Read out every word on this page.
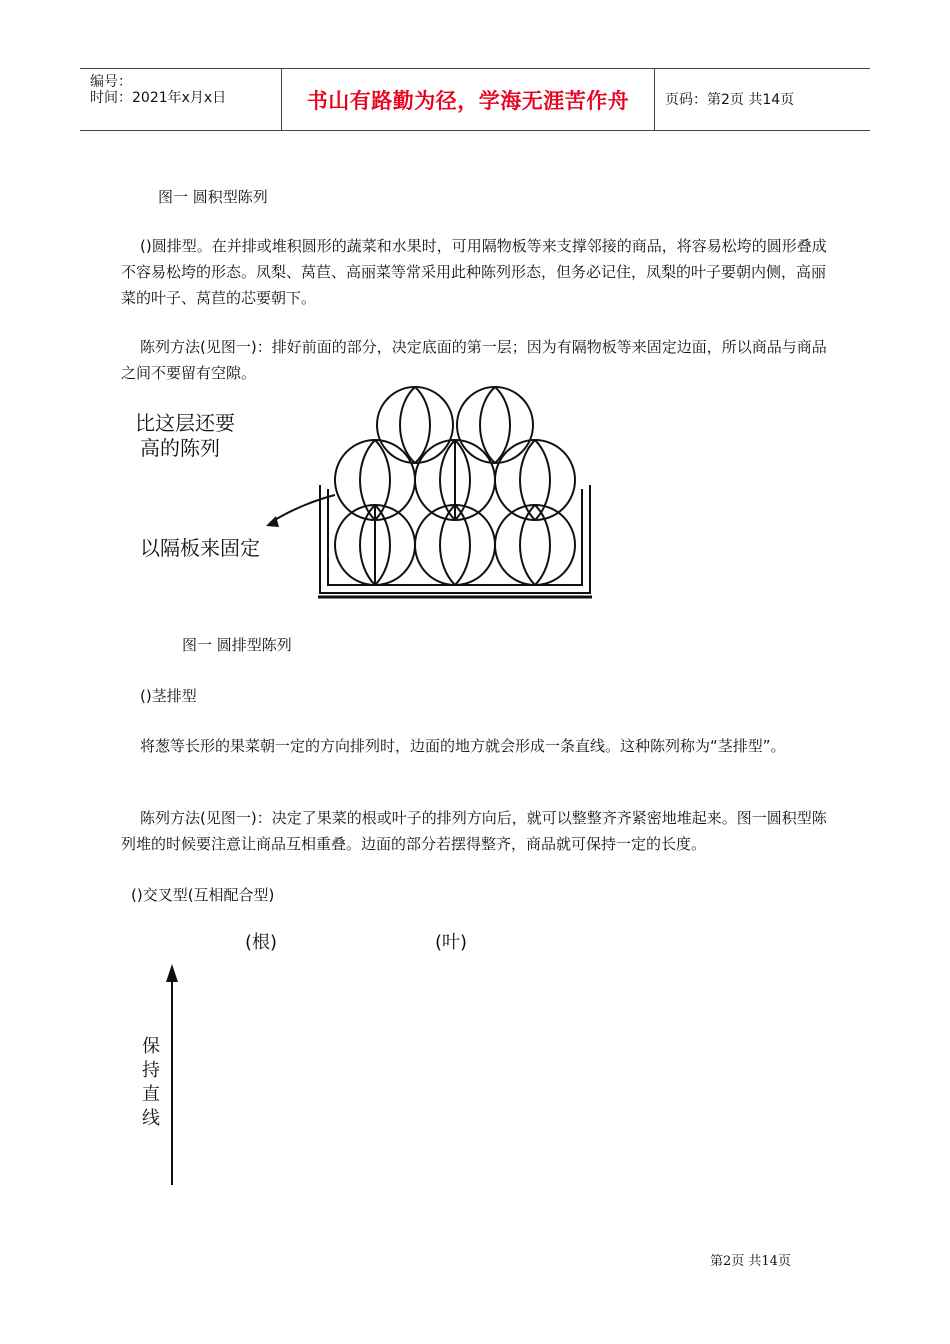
编号：
时间：2021年x月x日	书山有路勤为径，学海无涯苦作舟	页码：第2页 共14页
图一 圆积型陈列
()圆排型。在并排或堆积圆形的蔬菜和水果时，可用隔物板等来支撑邻接的商品，将容易松垮的圆形叠成不容易松垮的形态。凤梨、莴苣、高丽菜等常采用此种陈列形态，但务必记住，凤梨的叶子要朝内侧，高丽菜的叶子、莴苣的芯要朝下。
陈列方法(见图一)：排好前面的部分，决定底面的第一层；因为有隔物板等来固定边面，所以商品与商品之间不要留有空隙。
比这层还要
高的陈列
以隔板来固定
图一 圆排型陈列
()茎排型
将葱等长形的果菜朝一定的方向排列时，边面的地方就会形成一条直线。这种陈列称为“茎排型”。
陈列方法(见图一)：决定了果菜的根或叶子的排列方向后，就可以整整齐齐紧密地堆起来。图一圆积型陈列堆的时候要注意让商品互相重叠。边面的部分若摆得整齐，商品就可保持一定的长度。
()交叉型(互相配合型)
(根)	(叶)
保
持
直
线
第2页 共14页
